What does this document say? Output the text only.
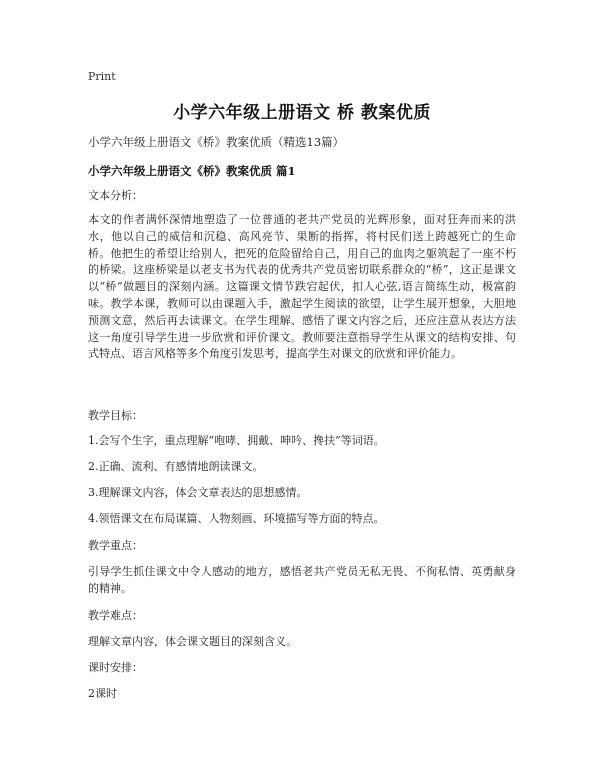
Print
小学六年级上册语文 桥 教案优质
小学六年级上册语文《桥》教案优质（精选13篇）
小学六年级上册语文《桥》教案优质 篇1
文本分析：
本文的作者满怀深情地塑造了一位普通的老共产党员的光辉形象，面对狂奔而来的洪水，他以自己的威信和沉稳、高风亮节、果断的指挥，将村民们送上跨越死亡的生命桥。他把生的希望让给别人，把死的危险留给自己，用自己的血肉之躯筑起了一座不朽的桥梁。这座桥梁是以老支书为代表的优秀共产党员密切联系群众的“桥”，这正是课文以“桥”做题目的深刻内涵。这篇课文情节跌宕起伏，扣人心弦,语言简练生动，极富韵味。教学本课，教师可以由课题入手，激起学生阅读的欲望，让学生展开想象，大胆地预测文意，然后再去读课文。在学生理解、感悟了课文内容之后，还应注意从表达方法这一角度引导学生进一步欣赏和评价课文。教师要注意指导学生从课文的结构安排、句式特点、语言风格等多个角度引发思考，提高学生对课文的欣赏和评价能力。
教学目标：
1.会写个生字，重点理解“咆哮、拥戴、呻吟、搀扶”等词语。
2.正确、流利、有感情地朗读课文。
3.理解课文内容，体会文章表达的思想感情。
4.领悟课文在布局谋篇、人物刻画、环境描写等方面的特点。
教学重点：
引导学生抓住课文中令人感动的地方，感悟老共产党员无私无畏、不徇私情、英勇献身的精神。
教学难点：
理解文章内容，体会课文题目的深刻含义。
课时安排：
2课时
